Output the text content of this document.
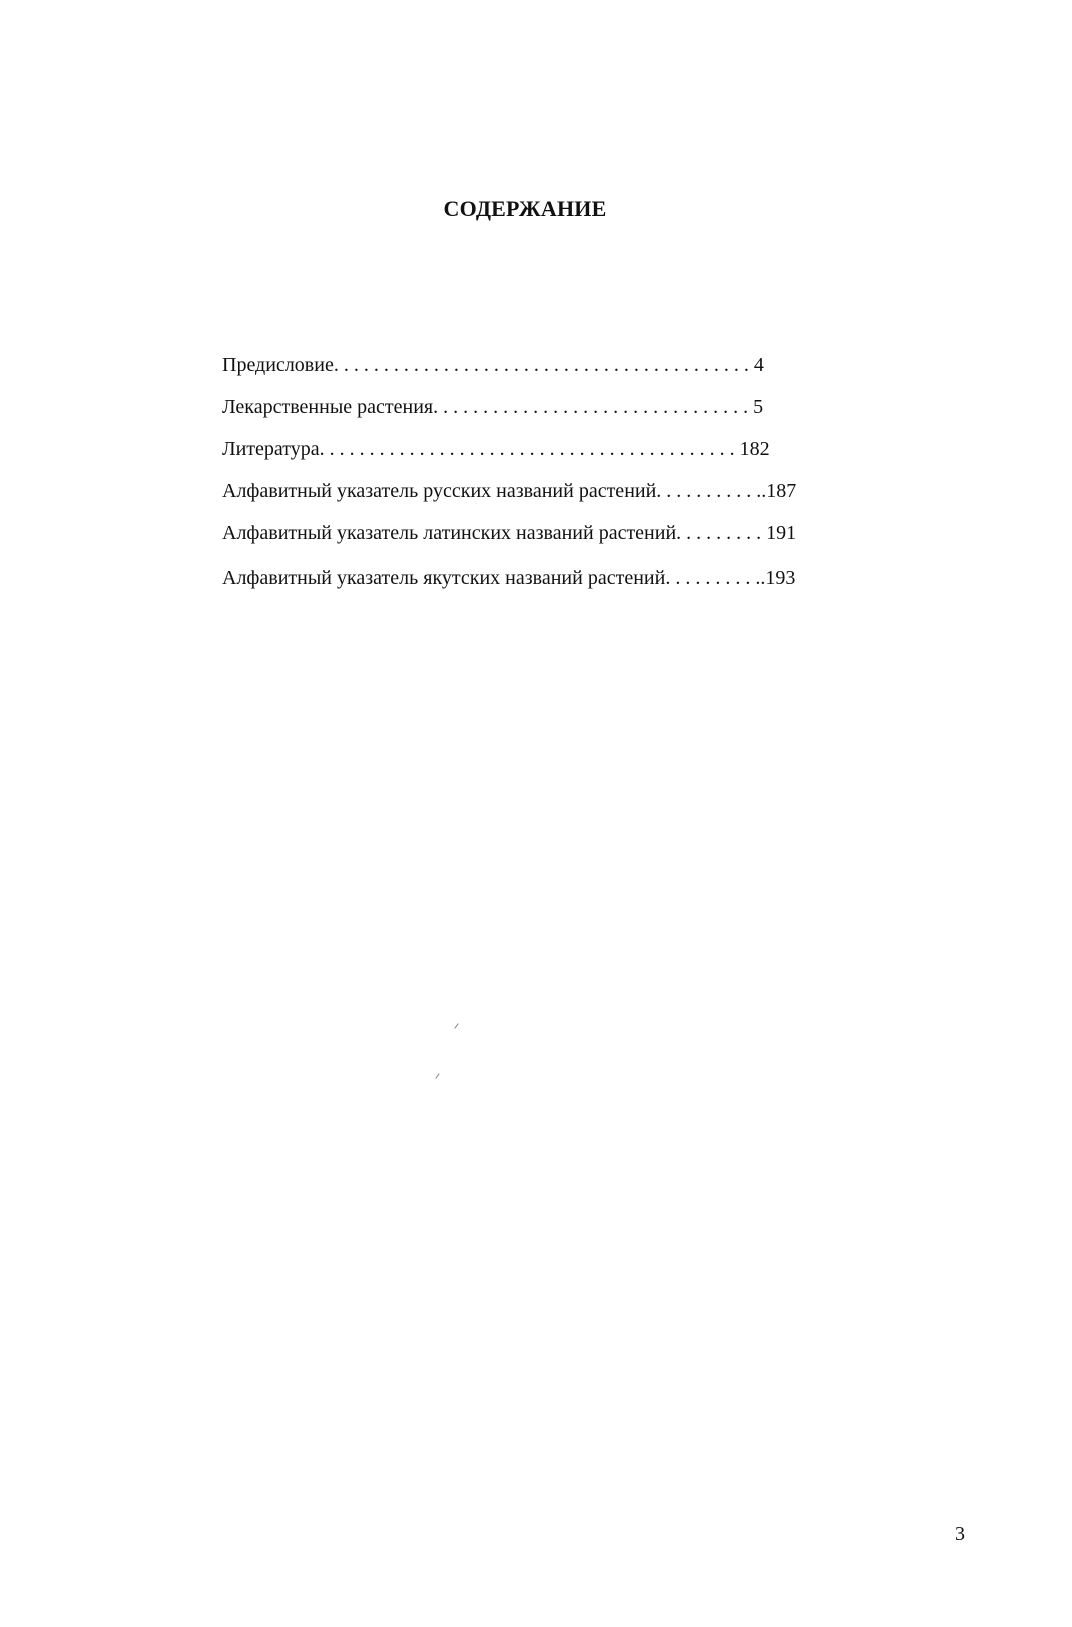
СОДЕРЖАНИЕ
Предисловие. . . . . . . . . . . . . . . . . . . . . . . . . . . . . . . . . . . . . . . . . . 4
Лекарственные растения. . . . . . . . . . . . . . . . . . . . . . . . . . . . . . . . 5
Литература. . . . . . . . . . . . . . . . . . . . . . . . . . . . . . . . . . . . . . . . . . 182
Алфавитный указатель русских названий растений. . . . . . . . . . ..187
Алфавитный указатель латинских названий растений. . . . . . . . . 191
Алфавитный указатель якутских названий растений. . . . . . . . . ..193
3
